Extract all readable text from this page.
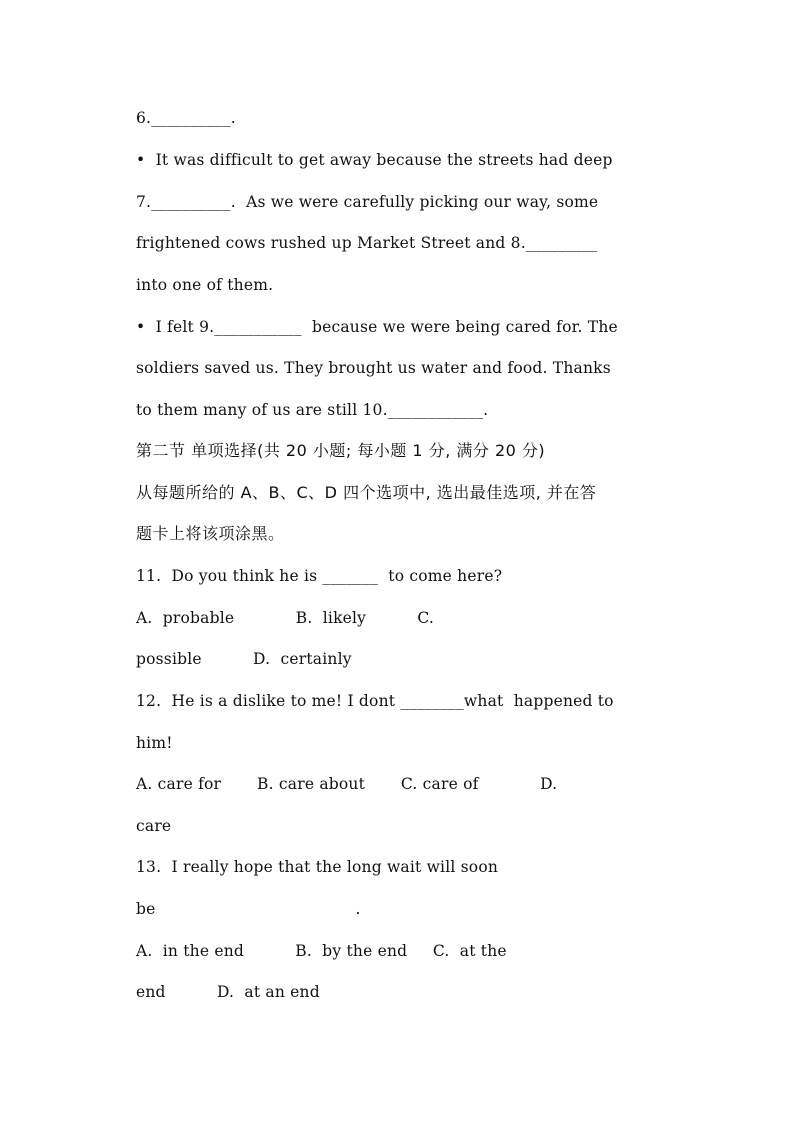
6.__________.
•  It was difficult to get away because the streets had deep
7.__________.  As we were carefully picking our way, some
frightened cows rushed up Market Street and 8._________
into one of them.
•  I felt 9.___________  because we were being cared for. The
soldiers saved us. They brought us water and food. Thanks
to them many of us are still 10.____________.
第二节 单项选择(共 20 小题; 每小题 1 分, 满分 20 分)
从每题所给的 A、B、C、D 四个选项中, 选出最佳选项, 并在答
题卡上将该项涂黑。
11.  Do you think he is _______  to come here?
A.  probable            B.  likely          C.
possible          D.  certainly
12.  He is a dislike to me! I dont ________what  happened to
him!
A. care for       B. care about       C. care of            D.
care
13.  I really hope that the long wait will soon
be                                       .
A.  in the end          B.  by the end     C.  at the
end          D.  at an end
